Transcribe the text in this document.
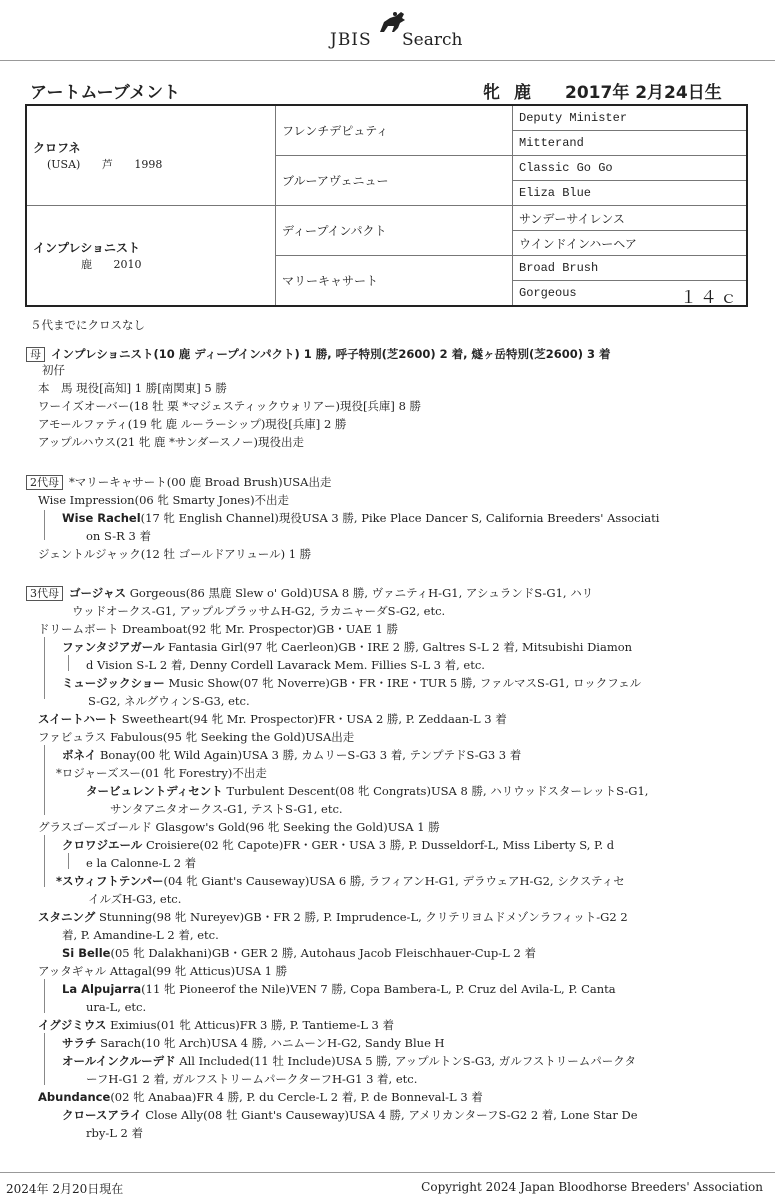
JBIS Search
アートムーブメント	牝 鹿 2017年 2月24日生
クロフネ
(USA) 芦 1998	フレンチデピュティ	Deputy Minister
		Mitterand
	ブルーアヴェニュー	Classic Go Go
		Eliza Blue

インプレショニスト
鹿 2010	ディープインパクト	サンデーサイレンス
		ウインドインハーヘア
	マリーキャサート	Broad Brush
		Gorgeous １４ｃ
５代までにクロスなし
母 インプレショニスト(10 鹿 ディープインパクト) 1 勝, 呼子特別(芝2600) 2 着, 燧ヶ岳特別(芝2600) 3 着
初仔
本　馬 現役[高知] 1 勝[南関東] 5 勝
ワーイズオーバー(18 牡 栗 *マジェスティックウォリアー)現役[兵庫] 8 勝
アモールファティ(19 牝 鹿 ルーラーシップ)現役[兵庫] 2 勝
アップルハウス(21 牝 鹿 *サンダースノー)現役出走
2代母 *マリーキャサート(00 鹿 Broad Brush)USA出走
Wise Impression(06 牝 Smarty Jones)不出走
Wise Rachel(17 牝 English Channel)現役USA 3 勝, Pike Place Dancer S, California Breeders' Associati
on S-R 3 着
ジェントルジャック(12 牡 ゴールドアリュール) 1 勝
3代母 ゴージャス Gorgeous(86 黒鹿 Slew o' Gold)USA 8 勝, ヴァニティH-G1, アシュランドS-G1, ハリ
ウッドオークス-G1, アップルブラッサムH-G2, ラカニャーダS-G2, etc.
ドリームボート Dreamboat(92 牝 Mr. Prospector)GB・UAE 1 勝
ファンタジアガール Fantasia Girl(97 牝 Caerleon)GB・IRE 2 勝, Galtres S-L 2 着, Mitsubishi Diamon
d Vision S-L 2 着, Denny Cordell Lavarack Mem. Fillies S-L 3 着, etc.
ミュージックショー Music Show(07 牝 Noverre)GB・FR・IRE・TUR 5 勝, ファルマスS-G1, ロックフェル
S-G2, ネルグウィンS-G3, etc.
スイートハート Sweetheart(94 牝 Mr. Prospector)FR・USA 2 勝, P. Zeddaan-L 3 着
ファビュラス Fabulous(95 牝 Seeking the Gold)USA出走
ボネイ Bonay(00 牝 Wild Again)USA 3 勝, カムリーS-G3 3 着, テンプテドS-G3 3 着
*ロジャーズスー(01 牝 Forestry)不出走
タービュレントディセント Turbulent Descent(08 牝 Congrats)USA 8 勝, ハリウッドスターレットS-G1,
サンタアニタオークス-G1, テストS-G1, etc.
グラスゴーズゴールド Glasgow's Gold(96 牝 Seeking the Gold)USA 1 勝
クロワジエール Croisiere(02 牝 Capote)FR・GER・USA 3 勝, P. Dusseldorf-L, Miss Liberty S, P. d
e la Calonne-L 2 着
*スウィフトテンパー(04 牝 Giant's Causeway)USA 6 勝, ラフィアンH-G1, デラウェアH-G2, シクスティセ
イルズH-G3, etc.
スタニング Stunning(98 牝 Nureyev)GB・FR 2 勝, P. Imprudence-L, クリテリヨムドメゾンラフィット-G2 2
着, P. Amandine-L 2 着, etc.
Si Belle(05 牝 Dalakhani)GB・GER 2 勝, Autohaus Jacob Fleischhauer-Cup-L 2 着
アッタギャル Attagal(99 牝 Atticus)USA 1 勝
La Alpujarra(11 牝 Pioneerof the Nile)VEN 7 勝, Copa Bambera-L, P. Cruz del Avila-L, P. Canta
ura-L, etc.
イグジミウス Eximius(01 牝 Atticus)FR 3 勝, P. Tantieme-L 3 着
サラチ Sarach(10 牝 Arch)USA 4 勝, ハニムーンH-G2, Sandy Blue H
オールインクルーデド All Included(11 牡 Include)USA 5 勝, アップルトンS-G3, ガルフストリームパークタ
ーフH-G1 2 着, ガルフストリームパークターフH-G1 3 着, etc.
Abundance(02 牝 Anabaa)FR 4 勝, P. du Cercle-L 2 着, P. de Bonneval-L 3 着
クロースアライ Close Ally(08 牡 Giant's Causeway)USA 4 勝, アメリカンターフS-G2 2 着, Lone Star De
rby-L 2 着
2024年 2月20日現在	Copyright 2024 Japan Bloodhorse Breeders' Association
